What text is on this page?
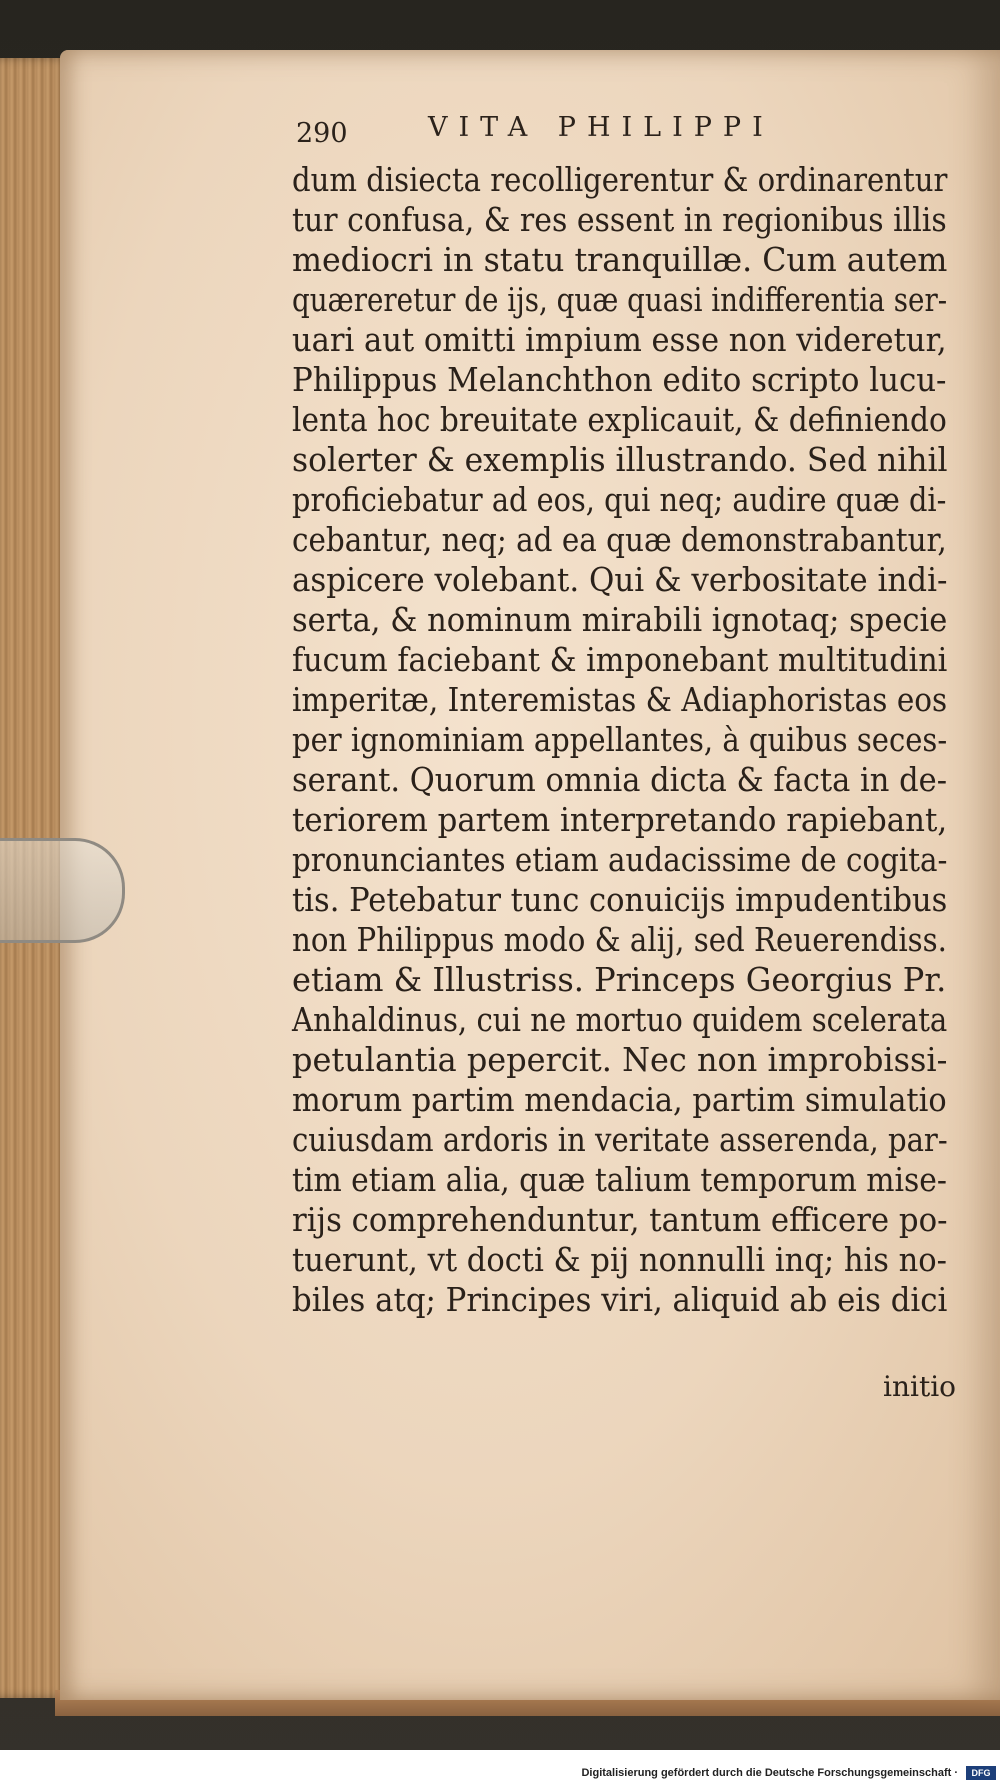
290	VITA PHILIPPI
dum disiecta recolligerentur & ordinarentur
tur confusa, & res essent in regionibus illis
mediocri in statu tranquillæ. Cum autem
quæreretur de ijs, quæ quasi indifferentia ser-
uari aut omitti impium esse non videretur,
Philippus Melanchthon edito scripto lucu-
lenta hoc breuitate explicauit, & definiendo
solerter & exemplis illustrando. Sed nihil
proficiebatur ad eos, qui neq; audire quæ di-
cebantur, neq; ad ea quæ demonstrabantur,
aspicere volebant. Qui & verbositate indi-
serta, & nominum mirabili ignotaq; specie
fucum faciebant & imponebant multitudini
imperitæ, Interemistas & Adiaphoristas eos
per ignominiam appellantes, à quibus seces-
serant. Quorum omnia dicta & facta in de-
teriorem partem interpretando rapiebant,
pronunciantes etiam audacissime de cogita-
tis. Petebatur tunc conuicijs impudentibus
non Philippus modo & alij, sed Reuerendiss.
etiam & Illustriss. Princeps Georgius Pr.
Anhaldinus, cui ne mortuo quidem scelerata
petulantia pepercit. Nec non improbissi-
morum partim mendacia, partim simulatio
cuiusdam ardoris in veritate asserenda, par-
tim etiam alia, quæ talium temporum mise-
rijs comprehenduntur, tantum efficere po-
tuerunt, vt docti & pij nonnulli inq; his no-
biles atq; Principes viri, aliquid ab eis dici
initio
Digitalisierung gefördert durch die Deutsche Forschungsgemeinschaft ·	DFG
